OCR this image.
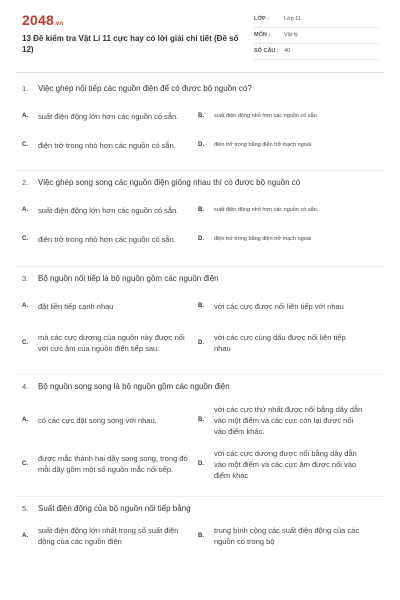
2048.vn
13 Đề kiểm tra Vật Lí 11 cực hay có lời giải chi tiết (Đề số 12)
LỚP :	Lớp 11
MÔN :	Vật lý
SỐ CÂU : 40
1. Việc ghép nối tiếp các nguồn điện để có được bộ nguồn có?
A. suất điện động lớn hơn các nguồn có sẵn.	B. suất điện động nhỏ hơn các nguồn có sẵn.
C. điện trở trong nhỏ hơn các nguồn có sẵn.	D. điện trở trong bằng điện trở mạch ngoài
2. Việc ghép song song các nguồn điện giống nhau thì có được bộ nguồn có
A. suất điện động lớn hơn các nguồn có sẵn.	B. suất điện động nhỏ hơn các nguồn có sẵn.
C. điện trở trong nhỏ hơn các nguồn có sẵn.	D. điện trở trong bằng điện trở mạch ngoài
3. Bộ nguồn nối tiếp là bộ nguồn gồm các nguồn điện
A. đặt liền tiếp cạnh nhau	B. với các cực được nối liên tiếp với nhau
C.
mà các cực dương của nguồn này được nối với cực âm của nguồn điện tiếp sau.
D.
với các cực cùng dấu được nối liên tiếp nhau
4. Bộ nguồn song song là bộ nguồn gồm các nguồn điện
A. có các cực đặt song song với nhau.	B.
với các cực thứ nhất được nối bằng dây dẫn vào một điểm và các cực còn lại được nối vào điểm khác.
C.
được mắc thành hai dãy song song, trong đó mỗi dãy gồm một số nguồn mắc nối tiếp.
D.
với các cực dương được nối bằng dây dẫn vào một điểm và các cực âm được nối vào điểm khác
5. Suất điện động của bộ nguồn nối tiếp bằng
A.
suất điện động lớn nhất trong số suất điện động của các nguồn điện
B.
trung bình cộng các suất điện động của các nguồn có trong bộ
